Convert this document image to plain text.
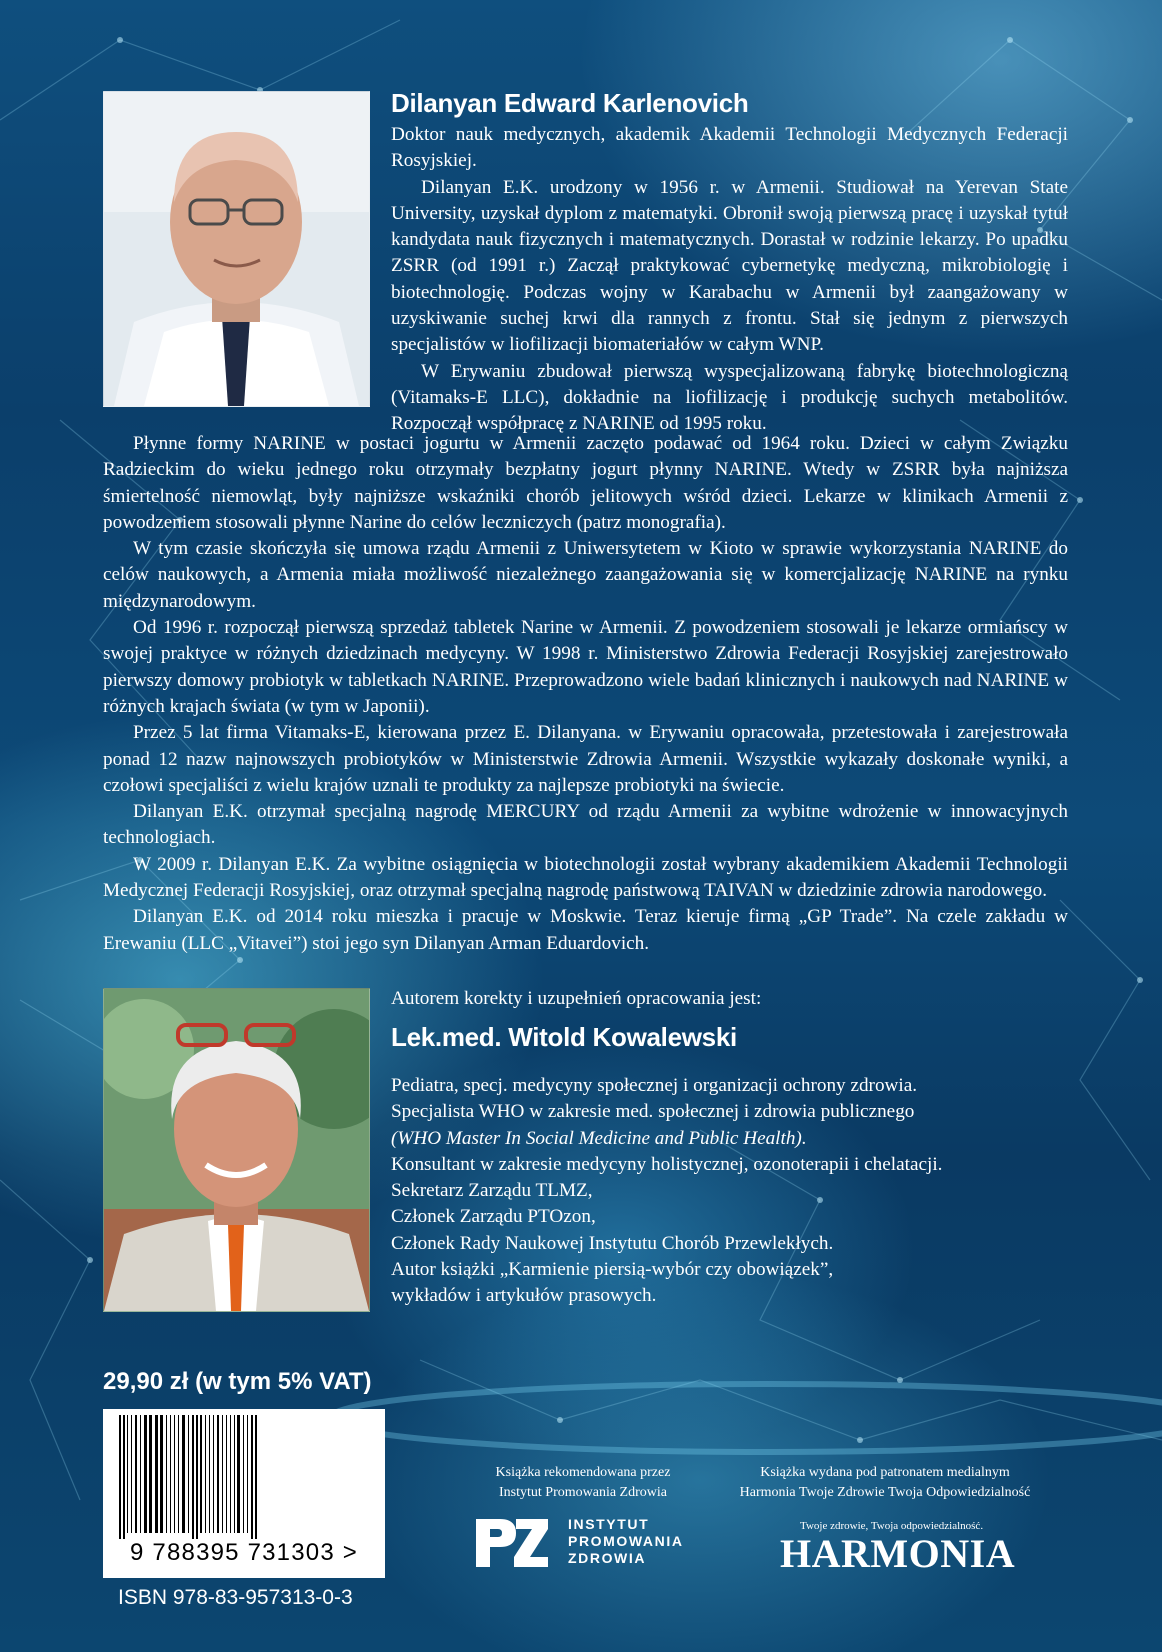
Dilanyan Edward Karlenovich

Doktor nauk medycznych, akademik Akademii Technologii Medycznych Federacji Rosyjskiej.

Dilanyan E.K. urodzony w 1956 r. w Armenii. Studiował na Yerevan State University, uzyskał dyplom z matematyki. Obronił swoją pierwszą pracę i uzyskał tytuł kandydata nauk fizycznych i matematycznych. Dorastał w rodzinie lekarzy. Po upadku ZSRR (od 1991 r.) Zaczął praktykować cybernetykę medyczną, mikrobiologię i biotechnologię. Podczas wojny w Karabachu w Armenii był zaangażowany w uzyskiwanie suchej krwi dla rannych z frontu. Stał się jednym z pierwszych specjalistów w liofilizacji biomateriałów w całym WNP.

W Erywaniu zbudował pierwszą wyspecjalizowaną fabrykę biotechnologiczną (Vitamaks-E LLC), dokładnie na liofilizację i produkcję suchych metabolitów. Rozpoczął współpracę z NARINE od 1995 roku.

Płynne formy NARINE w postaci jogurtu w Armenii zaczęto podawać od 1964 roku. Dzieci w całym Związku Radzieckim do wieku jednego roku otrzymały bezpłatny jogurt płynny NARINE. Wtedy w ZSRR była najniższa śmiertelność niemowląt, były najniższe wskaźniki chorób jelitowych wśród dzieci. Lekarze w klinikach Armenii z powodzeniem stosowali płynne Narine do celów leczniczych (patrz monografia).

W tym czasie skończyła się umowa rządu Armenii z Uniwersytetem w Kioto w sprawie wykorzystania NARINE do celów naukowych, a Armenia miała możliwość niezależnego zaangażowania się w komercjalizację NARINE na rynku międzynarodowym.

Od 1996 r. rozpoczął pierwszą sprzedaż tabletek Narine w Armenii. Z powodzeniem stosowali je lekarze ormiańscy w swojej praktyce w różnych dziedzinach medycyny. W 1998 r. Ministerstwo Zdrowia Federacji Rosyjskiej zarejestrowało pierwszy domowy probiotyk w tabletkach NARINE. Przeprowadzono wiele badań klinicznych i naukowych nad NARINE w różnych krajach świata (w tym w Japonii).

Przez 5 lat firma Vitamaks-E, kierowana przez E. Dilanyana. w Erywaniu opracowała, przetestowała i zarejestrowała ponad 12 nazw najnowszych probiotyków w Ministerstwie Zdrowia Armenii. Wszystkie wykazały doskonałe wyniki, a czołowi specjaliści z wielu krajów uznali te produkty za najlepsze probiotyki na świecie.

Dilanyan E.K. otrzymał specjalną nagrodę MERCURY od rządu Armenii za wybitne wdrożenie w innowacyjnych technologiach.

W 2009 r. Dilanyan E.K. Za wybitne osiągnięcia w biotechnologii został wybrany akademikiem Akademii Technologii Medycznej Federacji Rosyjskiej, oraz otrzymał specjalną nagrodę państwową TAIVAN w dziedzinie zdrowia narodowego.

Dilanyan E.K. od 2014 roku mieszka i pracuje w Moskwie. Teraz kieruje firmą „GP Trade”. Na czele zakładu w Erewaniu (LLC „Vitavei”) stoi jego syn Dilanyan Arman Eduardovich.

Autorem korekty i uzupełnień opracowania jest:
Lek.med. Witold Kowalewski

Pediatra, specj. medycyny społecznej i organizacji ochrony zdrowia.

Specjalista WHO w zakresie med. społecznej i zdrowia publicznego

(WHO Master In Social Medicine and Public Health).

Konsultant w zakresie medycyny holistycznej, ozonoterapii i chelatacji.

Sekretarz Zarządu TLMZ,

Członek Zarządu PTOzon,

Członek Rady Naukowej Instytutu Chorób Przewlekłych.

Autor książki „Karmienie piersią-wybór czy obowiązek”,

wykładów i artykułów prasowych.

29,90 zł (w tym 5% VAT)
9 788395 731303 >
ISBN 978-83-957313-0-3
Książka rekomendowana przez
Instytut Promowania Zdrowia
INSTYTUT
PROMOWANIA
ZDROWIA
Książka wydana pod patronatem medialnym
Harmonia Twoje Zdrowie Twoja Odpowiedzialność
Twoje zdrowie, Twoja odpowiedzialność.
HARMONIA
